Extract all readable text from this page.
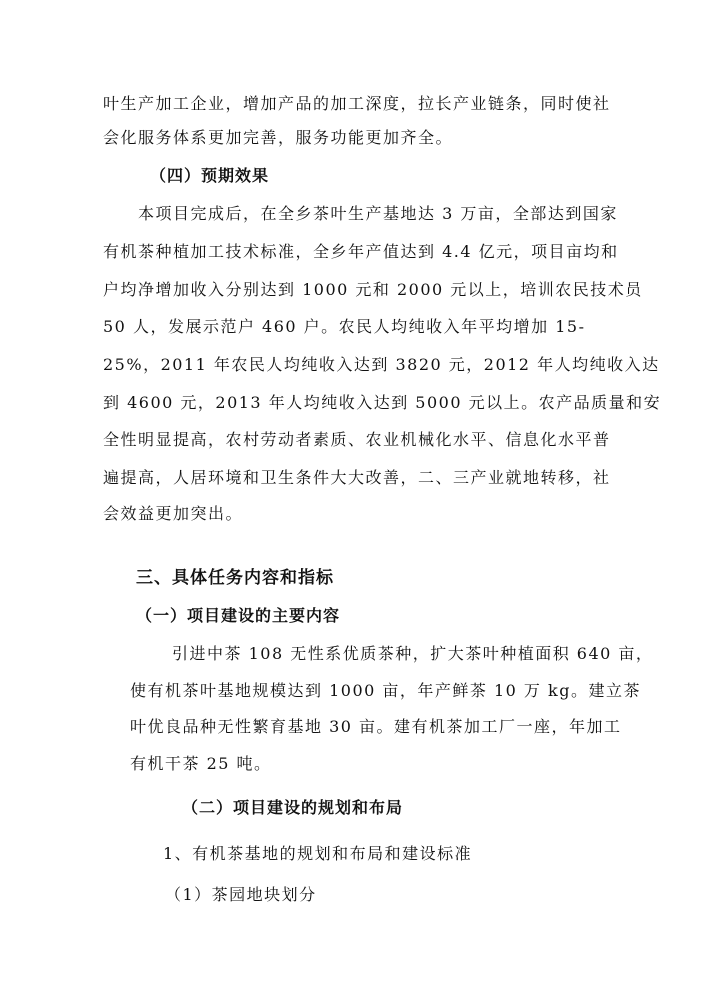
叶生产加工企业，增加产品的加工深度，拉长产业链条，同时使社
会化服务体系更加完善，服务功能更加齐全。
（四）预期效果
本项目完成后，在全乡茶叶生产基地达 3 万亩，全部达到国家
有机茶种植加工技术标准，全乡年产值达到 4.4 亿元，项目亩均和
户均净增加收入分别达到 1000 元和 2000 元以上，培训农民技术员
50 人，发展示范户 460 户。农民人均纯收入年平均增加 15-
25%，2011 年农民人均纯收入达到 3820 元，2012 年人均纯收入达
到 4600 元，2013 年人均纯收入达到 5000 元以上。农产品质量和安
全性明显提高，农村劳动者素质、农业机械化水平、信息化水平普
遍提高，人居环境和卫生条件大大改善，二、三产业就地转移，社
会效益更加突出。
三、具体任务内容和指标
（一）项目建设的主要内容
引进中茶 108 无性系优质茶种，扩大茶叶种植面积 640 亩，
使有机茶叶基地规模达到 1000 亩，年产鲜茶 10 万 kg。建立茶
叶优良品种无性繁育基地 30 亩。建有机茶加工厂一座，年加工
有机干茶 25 吨。
（二）项目建设的规划和布局
1、有机茶基地的规划和布局和建设标准
（1）茶园地块划分
